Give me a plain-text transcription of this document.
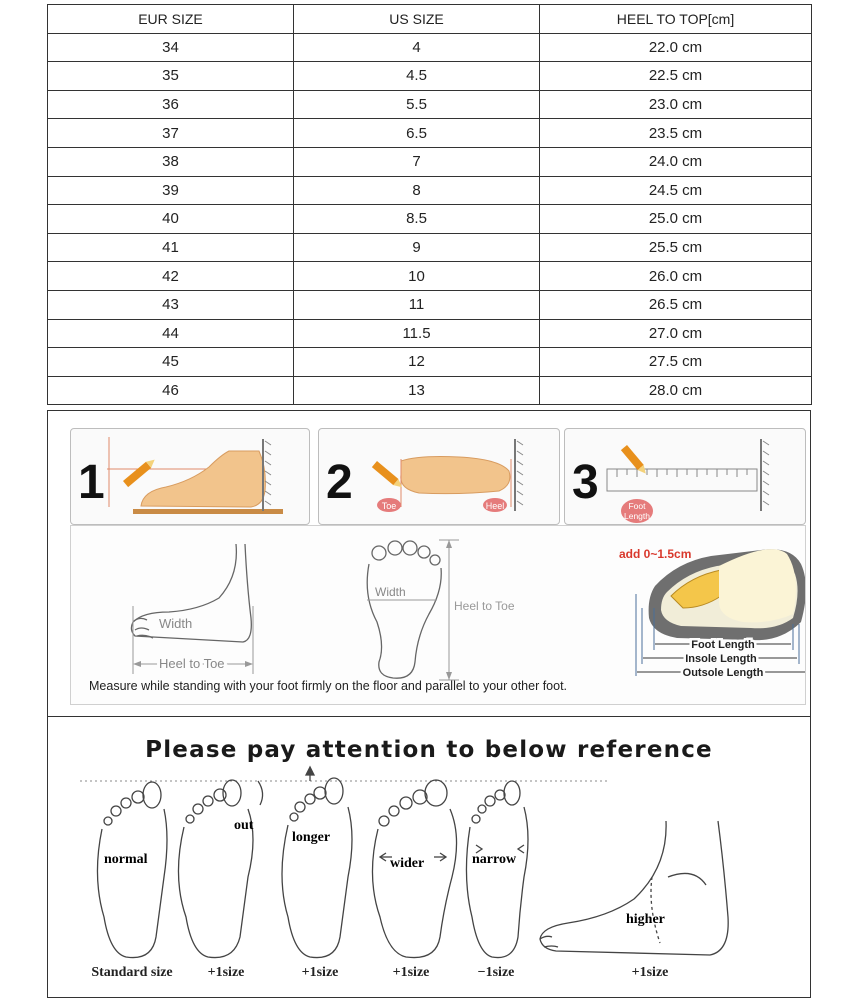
EUR SIZE	US SIZE	HEEL TO TOP[cm]
34	4	22.0 cm
35	4.5	22.5 cm
36	5.5	23.0 cm
37	6.5	23.5 cm
38	7	24.0 cm
39	8	24.5 cm
40	8.5	25.0 cm
41	9	25.5 cm
42	10	26.0 cm
43	11	26.5 cm
44	11.5	27.0 cm
45	12	27.5 cm
46	13	28.0 cm
1	2	Toe	Heel 3	Foot
Length
Width
Heel to Toe
Width
Heel to Toe
add 0~1.5cm
Foot Length
Insole Length
Outsole Length
Measure while standing with your foot firmly on the floor and parallel to your other foot.
Please pay attention to below reference
normal
out
longer
wider	narrow
higher
Standard size	+1size	+1size	+1size	−1size	+1size
